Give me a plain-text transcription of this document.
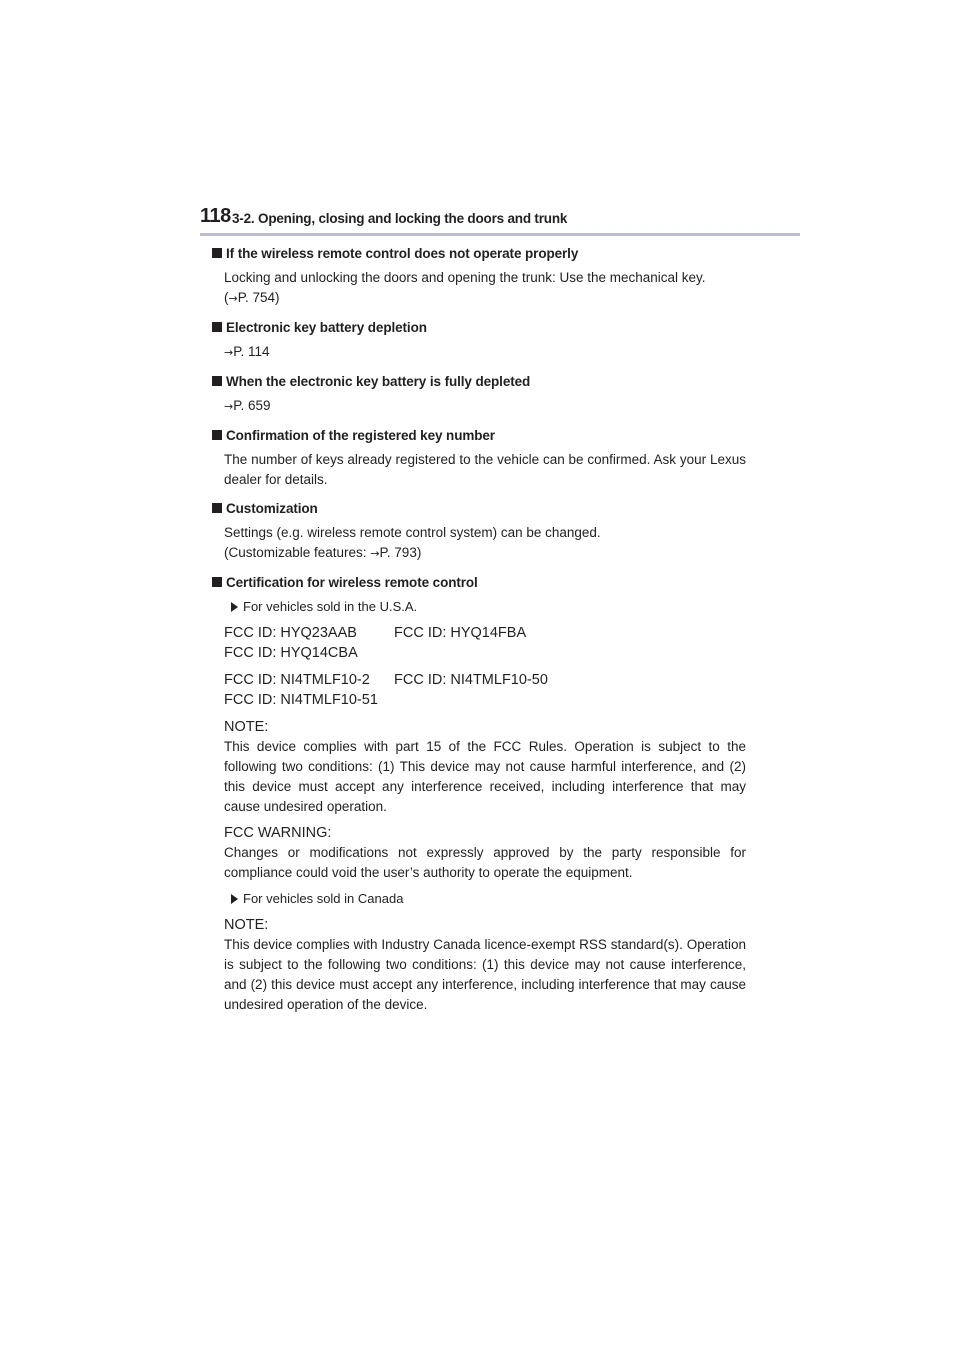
118 3-2. Opening, closing and locking the doors and trunk
If the wireless remote control does not operate properly
Locking and unlocking the doors and opening the trunk: Use the mechanical key.
(→P. 754)
Electronic key battery depletion
→P. 114
When the electronic key battery is fully depleted
→P. 659
Confirmation of the registered key number
The number of keys already registered to the vehicle can be confirmed. Ask your Lexus dealer for details.
Customization
Settings (e.g. wireless remote control system) can be changed.
(Customizable features: →P. 793)
Certification for wireless remote control
For vehicles sold in the U.S.A.
FCC ID: HYQ23AAB	FCC ID: HYQ14FBA
FCC ID: HYQ14CBA
FCC ID: NI4TMLF10-2	FCC ID: NI4TMLF10-50
FCC ID: NI4TMLF10-51
NOTE:
This device complies with part 15 of the FCC Rules. Operation is subject to the following two conditions: (1) This device may not cause harmful interference, and (2) this device must accept any interference received, including interference that may cause undesired operation.
FCC WARNING:
Changes or modifications not expressly approved by the party responsible for compliance could void the user’s authority to operate the equipment.
For vehicles sold in Canada
NOTE:
This device complies with Industry Canada licence-exempt RSS standard(s). Operation is subject to the following two conditions: (1) this device may not cause interference, and (2) this device must accept any interference, including interference that may cause undesired operation of the device.
